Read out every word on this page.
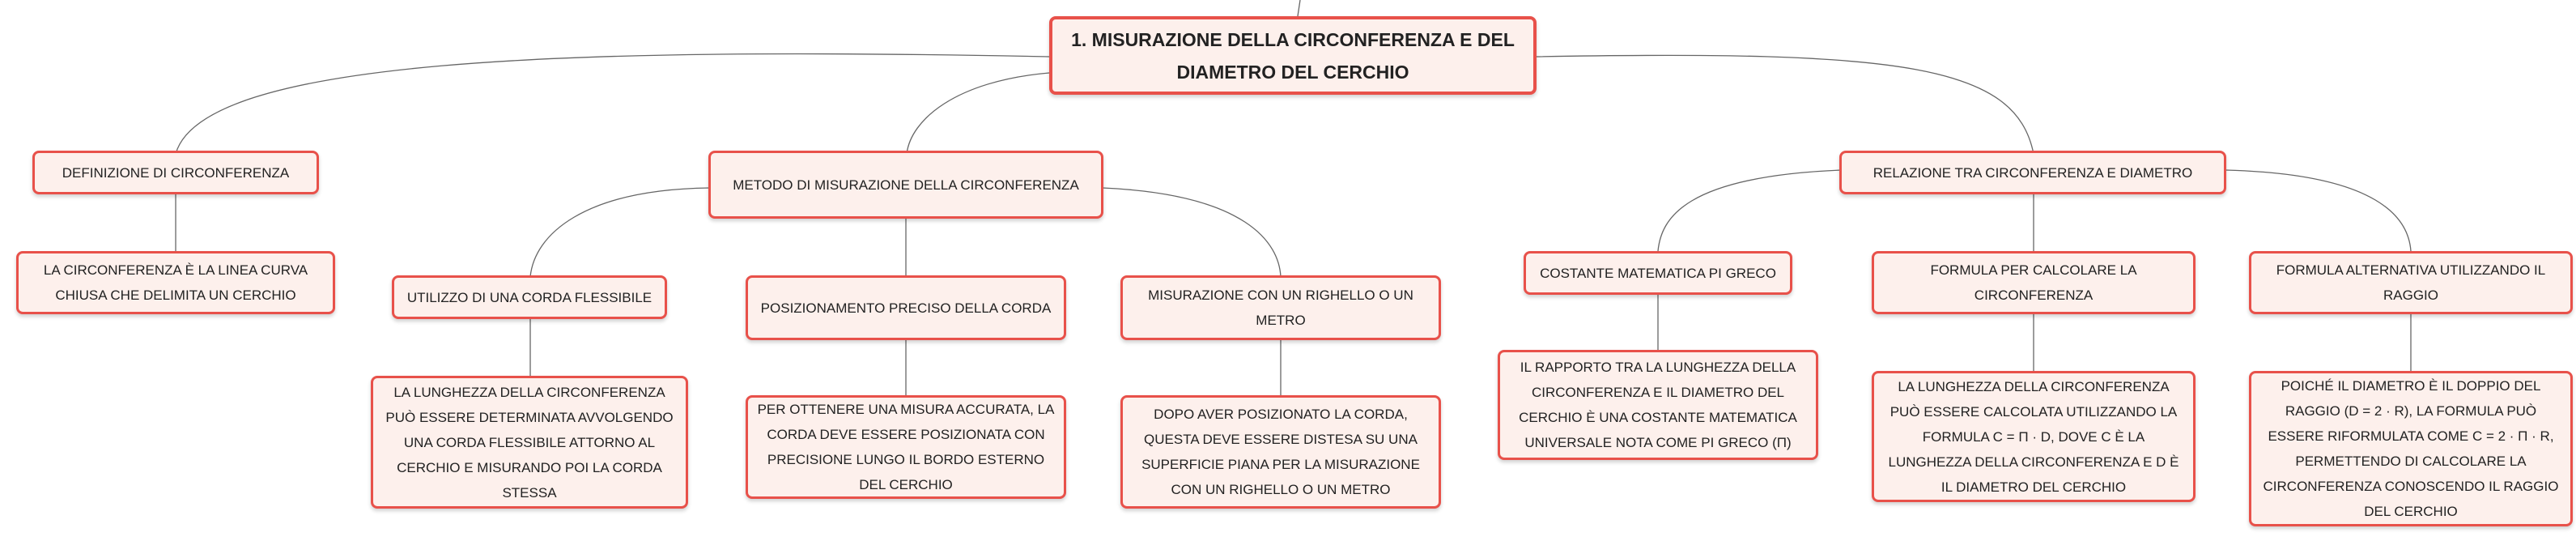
1. MISURAZIONE DELLA CIRCONFERENZA E DEL DIAMETRO DEL CERCHIO
DEFINIZIONE DI CIRCONFERENZA
LA CIRCONFERENZA È LA LINEA CURVA CHIUSA CHE DELIMITA UN CERCHIO
METODO DI MISURAZIONE DELLA CIRCONFERENZA
UTILIZZO DI UNA CORDA FLESSIBILE
LA LUNGHEZZA DELLA CIRCONFERENZA PUÒ ESSERE DETERMINATA AVVOLGENDO UNA CORDA FLESSIBILE ATTORNO AL CERCHIO E MISURANDO POI LA CORDA STESSA
POSIZIONAMENTO PRECISO DELLA CORDA
PER OTTENERE UNA MISURA ACCURATA, LA CORDA DEVE ESSERE POSIZIONATA CON PRECISIONE LUNGO IL BORDO ESTERNO DEL CERCHIO
MISURAZIONE CON UN RIGHELLO O UN METRO
DOPO AVER POSIZIONATO LA CORDA, QUESTA DEVE ESSERE DISTESA SU UNA SUPERFICIE PIANA PER LA MISURAZIONE CON UN RIGHELLO O UN METRO
RELAZIONE TRA CIRCONFERENZA E DIAMETRO
COSTANTE MATEMATICA PI GRECO
IL RAPPORTO TRA LA LUNGHEZZA DELLA CIRCONFERENZA E IL DIAMETRO DEL CERCHIO È UNA COSTANTE MATEMATICA UNIVERSALE NOTA COME PI GRECO (Π)
FORMULA PER CALCOLARE LA CIRCONFERENZA
LA LUNGHEZZA DELLA CIRCONFERENZA PUÒ ESSERE CALCOLATA UTILIZZANDO LA FORMULA C = Π · D, DOVE C È LA LUNGHEZZA DELLA CIRCONFERENZA E D È IL DIAMETRO DEL CERCHIO
FORMULA ALTERNATIVA UTILIZZANDO IL RAGGIO
POICHÉ IL DIAMETRO È IL DOPPIO DEL RAGGIO (D = 2 · R), LA FORMULA PUÒ ESSERE RIFORMULATA COME C = 2 · Π · R, PERMETTENDO DI CALCOLARE LA CIRCONFERENZA CONOSCENDO IL RAGGIO DEL CERCHIO
